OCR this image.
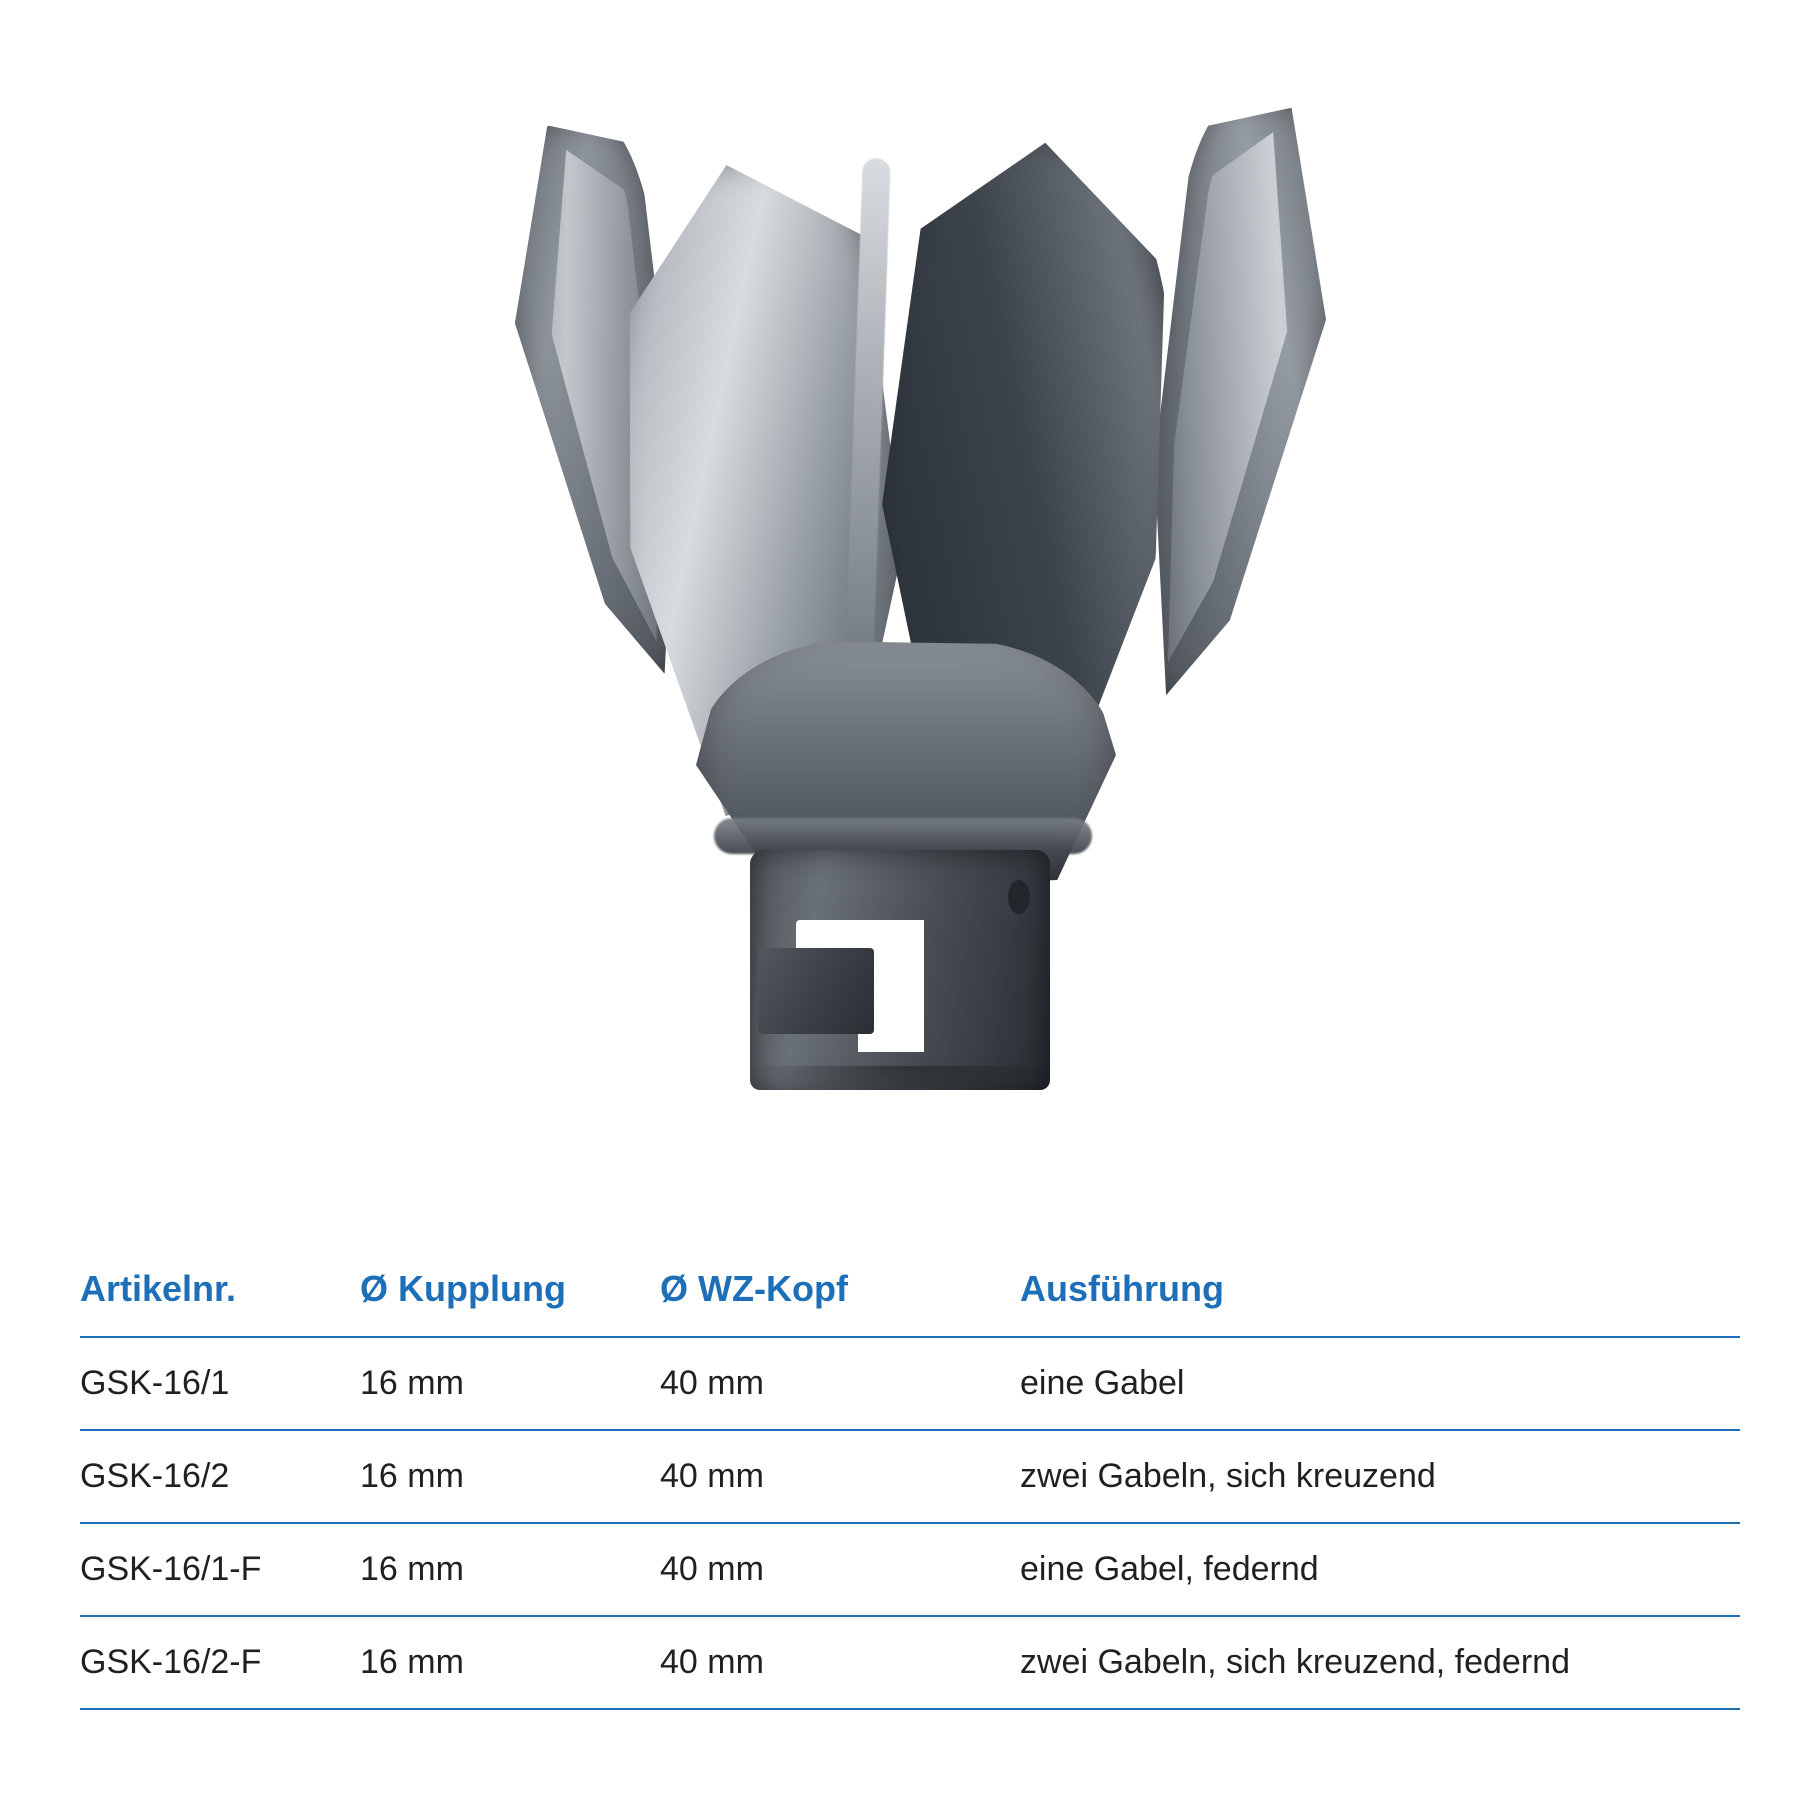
Artikelnr.	Ø Kupplung	Ø WZ-Kopf	Ausführung
GSK-16/1	16 mm	40 mm	eine Gabel
GSK-16/2	16 mm	40 mm	zwei Gabeln, sich kreuzend
GSK-16/1-F	16 mm	40 mm	eine Gabel, federnd
GSK-16/2-F	16 mm	40 mm	zwei Gabeln, sich kreuzend, federnd
